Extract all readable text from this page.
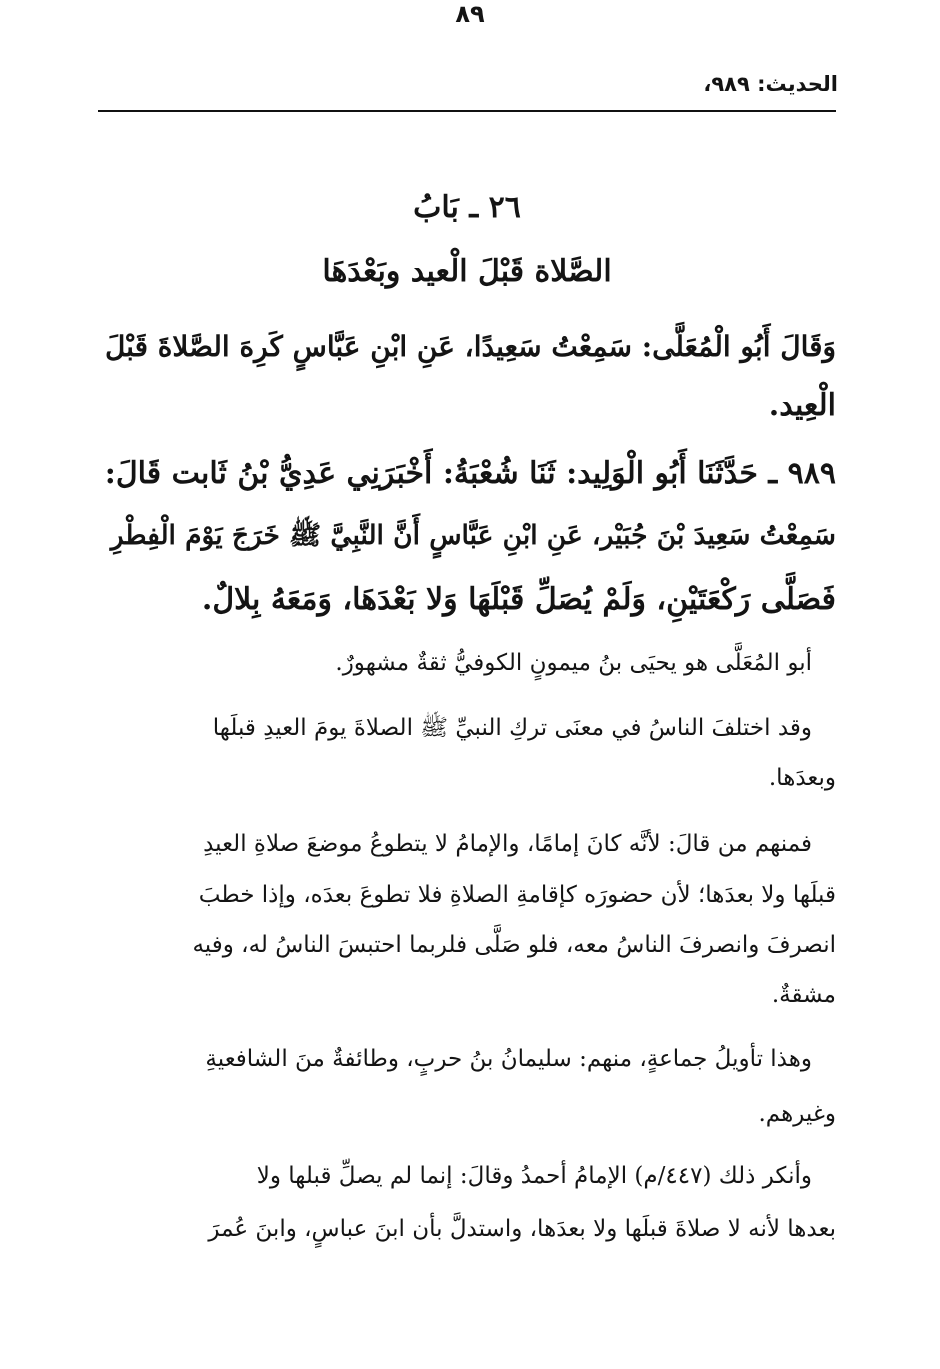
الحديث: ٩٨٩،
٢٦ ـ بَابُ
الصَّلاة قَبْلَ الْعيد وبَعْدَهَا
وَقَالَ أَبُو الْمُعَلَّى: سَمِعْتُ سَعِيدًا، عَنِ ابْنِ عَبَّاسٍ كَرِهَ الصَّلاةَ قَبْلَ
الْعِيد.
٩٨٩ ـ حَدَّثَنَا أَبُو الْوَلِيد: ثَنَا شُعْبَةُ: أَخْبَرَنِي عَدِيُّ بْنُ ثَابت قَالَ:
سَمِعْتُ سَعِيدَ بْنَ جُبَيْر، عَنِ ابْنِ عَبَّاسٍ أَنَّ النَّبِيَّ ﷺ خَرَجَ يَوْمَ الْفِطْرِ
فَصَلَّى رَكْعَتَيْنِ، وَلَمْ يُصَلِّ قَبْلَهَا وَلا بَعْدَهَا، وَمَعَهُ بِلالٌ.
أبو المُعَلَّى هو يحيَى بنُ ميمونٍ الكوفيُّ ثقةٌ مشهورٌ.
وقد اختلفَ الناسُ في معنَى تركِ النبيِّ ﷺ الصلاةَ يومَ العيدِ قبلَها
وبعدَها.
فمنهم من قالَ: لأنَّه كانَ إمامًا، والإمامُ لا يتطوعُ موضعَ صلاةِ العيدِ
قبلَها ولا بعدَها؛ لأن حضورَه كإقامةِ الصلاةِ فلا تطوعَ بعدَه، وإذا خطبَ
انصرفَ وانصرفَ الناسُ معه، فلو صَلَّى فلربما احتبسَ الناسُ له، وفيه
مشقةٌ.
وهذا تأويلُ جماعةٍ، منهم: سليمانُ بنُ حربٍ، وطائفةٌ منَ الشافعيةِ
وغيرهم.
وأنكر ذلك (٤٤٧/م) الإمامُ أحمدُ وقالَ: إنما لم يصلِّ قبلها ولا
بعدها لأنه لا صلاةَ قبلَها ولا بعدَها، واستدلَّ بأن ابنَ عباسٍ، وابنَ عُمرَ
٨٩
